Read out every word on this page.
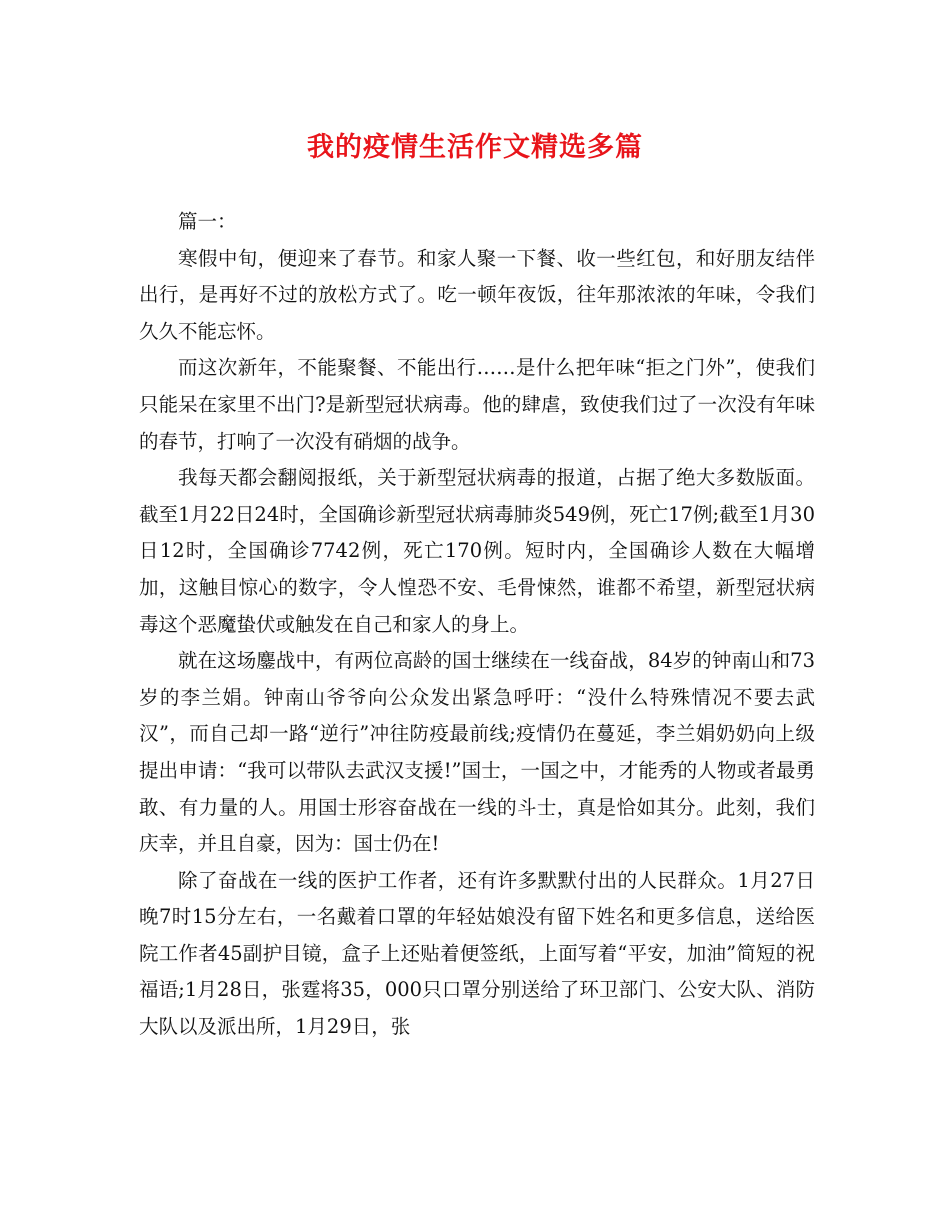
我的疫情生活作文精选多篇

篇一：

寒假中旬，便迎来了春节。和家人聚一下餐、收一些红包，和好朋友结伴出行，是再好不过的放松方式了。吃一顿年夜饭，往年那浓浓的年味，令我们久久不能忘怀。

而这次新年，不能聚餐、不能出行……是什么把年味“拒之门外”，使我们只能呆在家里不出门?是新型冠状病毒。他的肆虐，致使我们过了一次没有年味的春节，打响了一次没有硝烟的战争。

我每天都会翻阅报纸，关于新型冠状病毒的报道，占据了绝大多数版面。截至1月22日24时，全国确诊新型冠状病毒肺炎549例，死亡17例;截至1月30日12时，全国确诊7742例，死亡170例。短时内，全国确诊人数在大幅增加，这触目惊心的数字，令人惶恐不安、毛骨悚然，谁都不希望，新型冠状病毒这个恶魔蛰伏或触发在自己和家人的身上。

就在这场鏖战中，有两位高龄的国士继续在一线奋战，84岁的钟南山和73岁的李兰娟。钟南山爷爷向公众发出紧急呼吁：“没什么特殊情况不要去武汉”，而自己却一路“逆行”冲往防疫最前线;疫情仍在蔓延，李兰娟奶奶向上级提出申请：“我可以带队去武汉支援!”国士，一国之中，才能秀的人物或者最勇敢、有力量的人。用国士形容奋战在一线的斗士，真是恰如其分。此刻，我们庆幸，并且自豪，因为：国士仍在!

除了奋战在一线的医护工作者，还有许多默默付出的人民群众。1月27日晚7时15分左右，一名戴着口罩的年轻姑娘没有留下姓名和更多信息，送给医院工作者45副护目镜，盒子上还贴着便签纸，上面写着“平安，加油”简短的祝福语;1月28日，张霆将35，000只口罩分别送给了环卫部门、公安大队、消防大队以及派出所，1月29日，张
